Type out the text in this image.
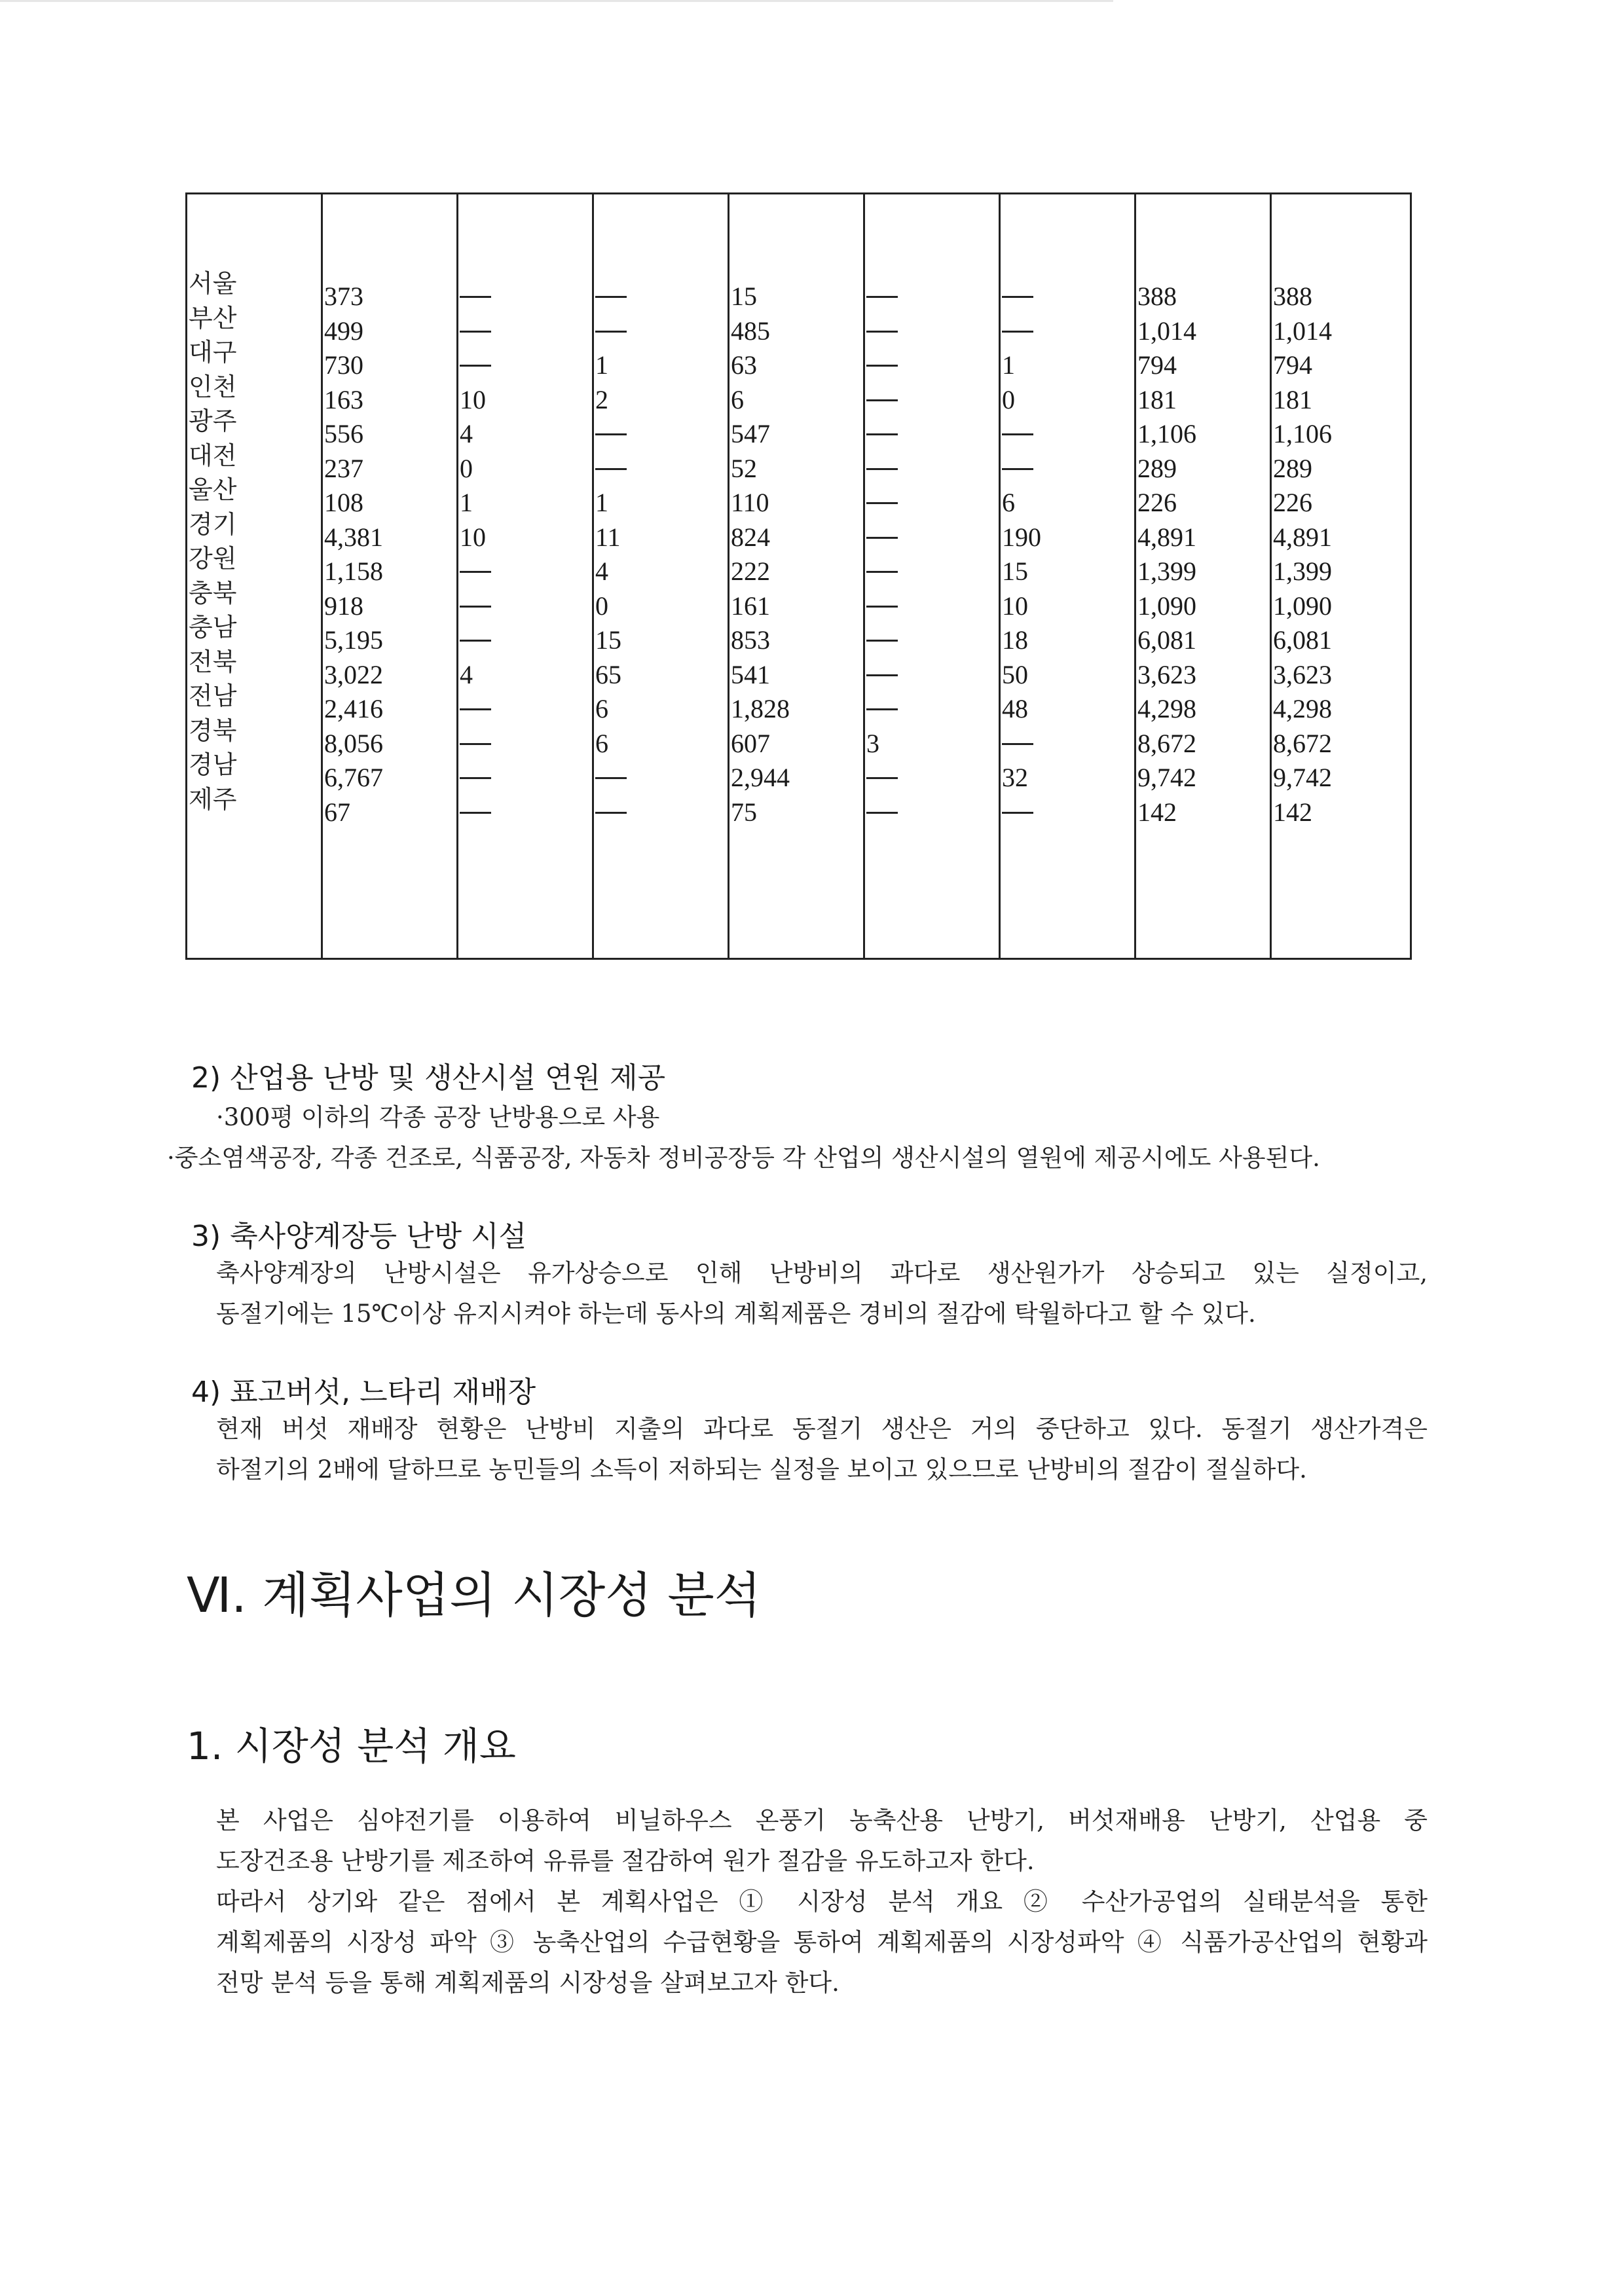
서울
부산
대구
인천
광주
대전
울산
경기
강원
충북
충남
전북
전남
경북
경남
제주
373
499
730
163
556
237
108
4,381
1,158
918
5,195
3,022
2,416
8,056
6,767
67
10
4
0
1
10
4
1
2
1
11
4
0
15
65
6
6
15
485
63
6
547
52
110
824
222
161
853
541
1,828
607
2,944
75
3
1
0
6
190
15
10
18
50
48
32
388
1,014
794
181
1,106
289
226
4,891
1,399
1,090
6,081
3,623
4,298
8,672
9,742
142
388
1,014
794
181
1,106
289
226
4,891
1,399
1,090
6,081
3,623
4,298
8,672
9,742
142
2) 산업용 난방 및 생산시설 연원 제공
·300평 이하의 각종 공장 난방용으로 사용
·중소염색공장, 각종 건조로, 식품공장, 자동차 정비공장등 각 산업의 생산시설의 열원에 제공시에도 사용된다.
3) 축사양계장등 난방 시설
축사양계장의 난방시설은 유가상승으로 인해 난방비의 과다로 생산원가가 상승되고 있는 실정이고,
동절기에는 15℃이상 유지시켜야 하는데 동사의 계획제품은 경비의 절감에 탁월하다고 할 수 있다.
4) 표고버섯, 느타리 재배장
현재 버섯 재배장 현황은 난방비 지출의 과다로 동절기 생산은 거의 중단하고 있다. 동절기 생산가격은
하절기의 2배에 달하므로 농민들의 소득이 저하되는 실정을 보이고 있으므로 난방비의 절감이 절실하다.
Ⅵ. 계획사업의 시장성 분석
1. 시장성 분석 개요
본 사업은 심야전기를 이용하여 비닐하우스 온풍기 농축산용 난방기, 버섯재배용 난방기, 산업용 중
도장건조용 난방기를 제조하여 유류를 절감하여 원가 절감을 유도하고자 한다.
따라서 상기와 같은 점에서 본 계획사업은 ① 시장성 분석 개요 ② 수산가공업의 실태분석을 통한
계획제품의 시장성 파악 ③ 농축산업의 수급현황을 통하여 계획제품의 시장성파악 ④ 식품가공산업의 현황과
전망 분석 등을 통해 계획제품의 시장성을 살펴보고자 한다.
